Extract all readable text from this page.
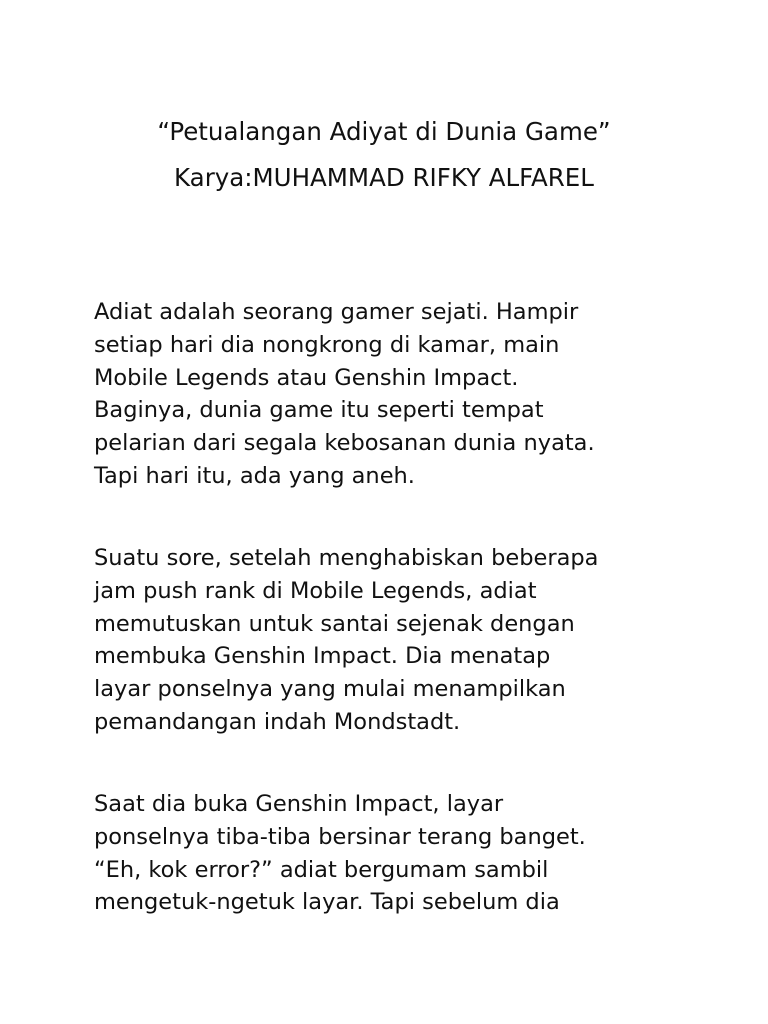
“Petualangan Adiyat di Dunia Game”
Karya:MUHAMMAD RIFKY ALFAREL
Adiat adalah seorang gamer sejati. Hampir
setiap hari dia nongkrong di kamar, main
Mobile Legends atau Genshin Impact.
Baginya, dunia game itu seperti tempat
pelarian dari segala kebosanan dunia nyata.
Tapi hari itu, ada yang aneh.
Suatu sore, setelah menghabiskan beberapa
jam push rank di Mobile Legends, adiat
memutuskan untuk santai sejenak dengan
membuka Genshin Impact. Dia menatap
layar ponselnya yang mulai menampilkan
pemandangan indah Mondstadt.
Saat dia buka Genshin Impact, layar
ponselnya tiba-tiba bersinar terang banget.
“Eh, kok error?” adiat bergumam sambil
mengetuk-ngetuk layar. Tapi sebelum dia
